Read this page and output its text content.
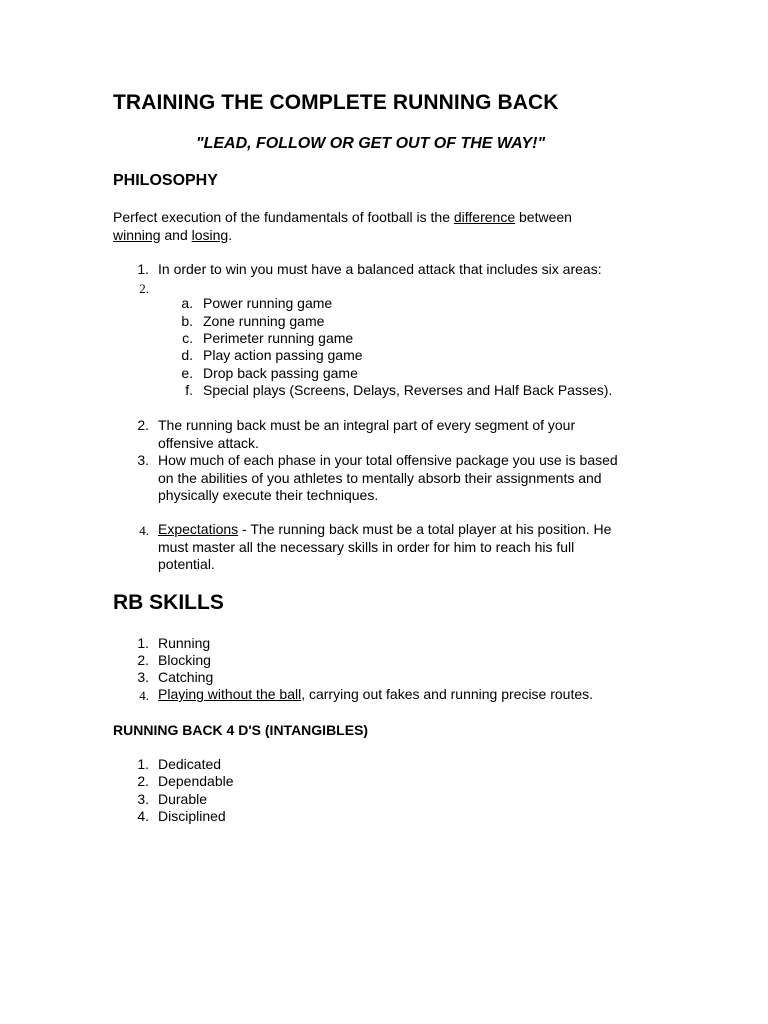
TRAINING THE COMPLETE RUNNING BACK
"LEAD, FOLLOW OR GET OUT OF THE WAY!"
PHILOSOPHY
Perfect execution of the fundamentals of football is the difference between
winning and losing.
1. In order to win you must have a balanced attack that includes six areas:
2.
a. Power running game
b. Zone running game
c. Perimeter running game
d. Play action passing game
e. Drop back passing game
f. Special plays (Screens, Delays, Reverses and Half Back Passes).
2. The running back must be an integral part of every segment of your
offensive attack.
3. How much of each phase in your total offensive package you use is based
on the abilities of you athletes to mentally absorb their assignments and
physically execute their techniques.
4. Expectations - The running back must be a total player at his position. He
must master all the necessary skills in order for him to reach his full
potential.
RB SKILLS
1. Running
2. Blocking
3. Catching
4. Playing without the ball, carrying out fakes and running precise routes.
RUNNING BACK 4 D'S (INTANGIBLES)
1. Dedicated
2. Dependable
3. Durable
4. Disciplined
